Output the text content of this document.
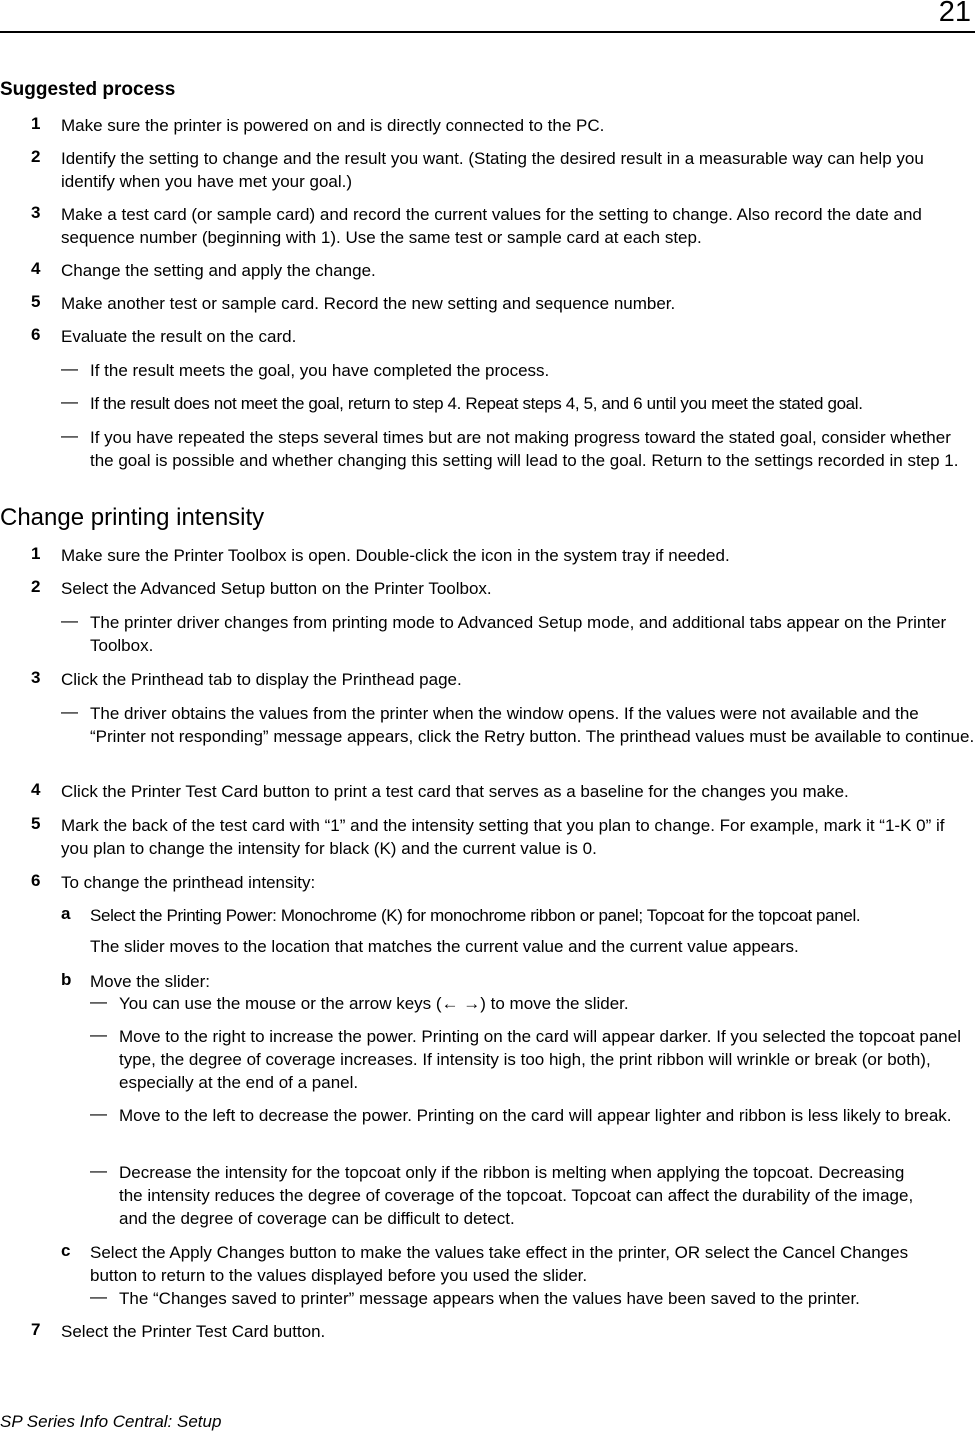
21
Suggested process
1 Make sure the printer is powered on and is directly connected to the PC.
2 Identify the setting to change and the result you want. (Stating the desired result in a measurable way can help you identify when you have met your goal.)
3 Make a test card (or sample card) and record the current values for the setting to change. Also record the date and sequence number (beginning with 1). Use the same test or sample card at each step.
4 Change the setting and apply the change.
5 Make another test or sample card. Record the new setting and sequence number.
6 Evaluate the result on the card.
— If the result meets the goal, you have completed the process.
— If the result does not meet the goal, return to step 4. Repeat steps 4, 5, and 6 until you meet the stated goal.
— If you have repeated the steps several times but are not making progress toward the stated goal, consider whether the goal is possible and whether changing this setting will lead to the goal. Return to the settings recorded in step 1.
Change printing intensity
1 Make sure the Printer Toolbox is open. Double-click the icon in the system tray if needed.
2 Select the Advanced Setup button on the Printer Toolbox.
— The printer driver changes from printing mode to Advanced Setup mode, and additional tabs appear on the Printer Toolbox.
3 Click the Printhead tab to display the Printhead page.
— The driver obtains the values from the printer when the window opens. If the values were not available and the “Printer not responding” message appears, click the Retry button. The printhead values must be available to continue.
4 Click the Printer Test Card button to print a test card that serves as a baseline for the changes you make.
5 Mark the back of the test card with “1” and the intensity setting that you plan to change. For example, mark it “1-K 0” if you plan to change the intensity for black (K) and the current value is 0.
6 To change the printhead intensity:
a Select the Printing Power: Monochrome (K) for monochrome ribbon or panel; Topcoat for the topcoat panel.
The slider moves to the location that matches the current value and the current value appears.
b Move the slider:
— You can use the mouse or the arrow keys (← →) to move the slider.
— Move to the right to increase the power. Printing on the card will appear darker. If you selected the topcoat panel type, the degree of coverage increases. If intensity is too high, the print ribbon will wrinkle or break (or both), especially at the end of a panel.
— Move to the left to decrease the power. Printing on the card will appear lighter and ribbon is less likely to break.
— Decrease the intensity for the topcoat only if the ribbon is melting when applying the topcoat. Decreasing the intensity reduces the degree of coverage of the topcoat. Topcoat can affect the durability of the image, and the degree of coverage can be difficult to detect.
c Select the Apply Changes button to make the values take effect in the printer, OR select the Cancel Changes button to return to the values displayed before you used the slider.
— The “Changes saved to printer” message appears when the values have been saved to the printer.
7 Select the Printer Test Card button.
SP Series Info Central: Setup
